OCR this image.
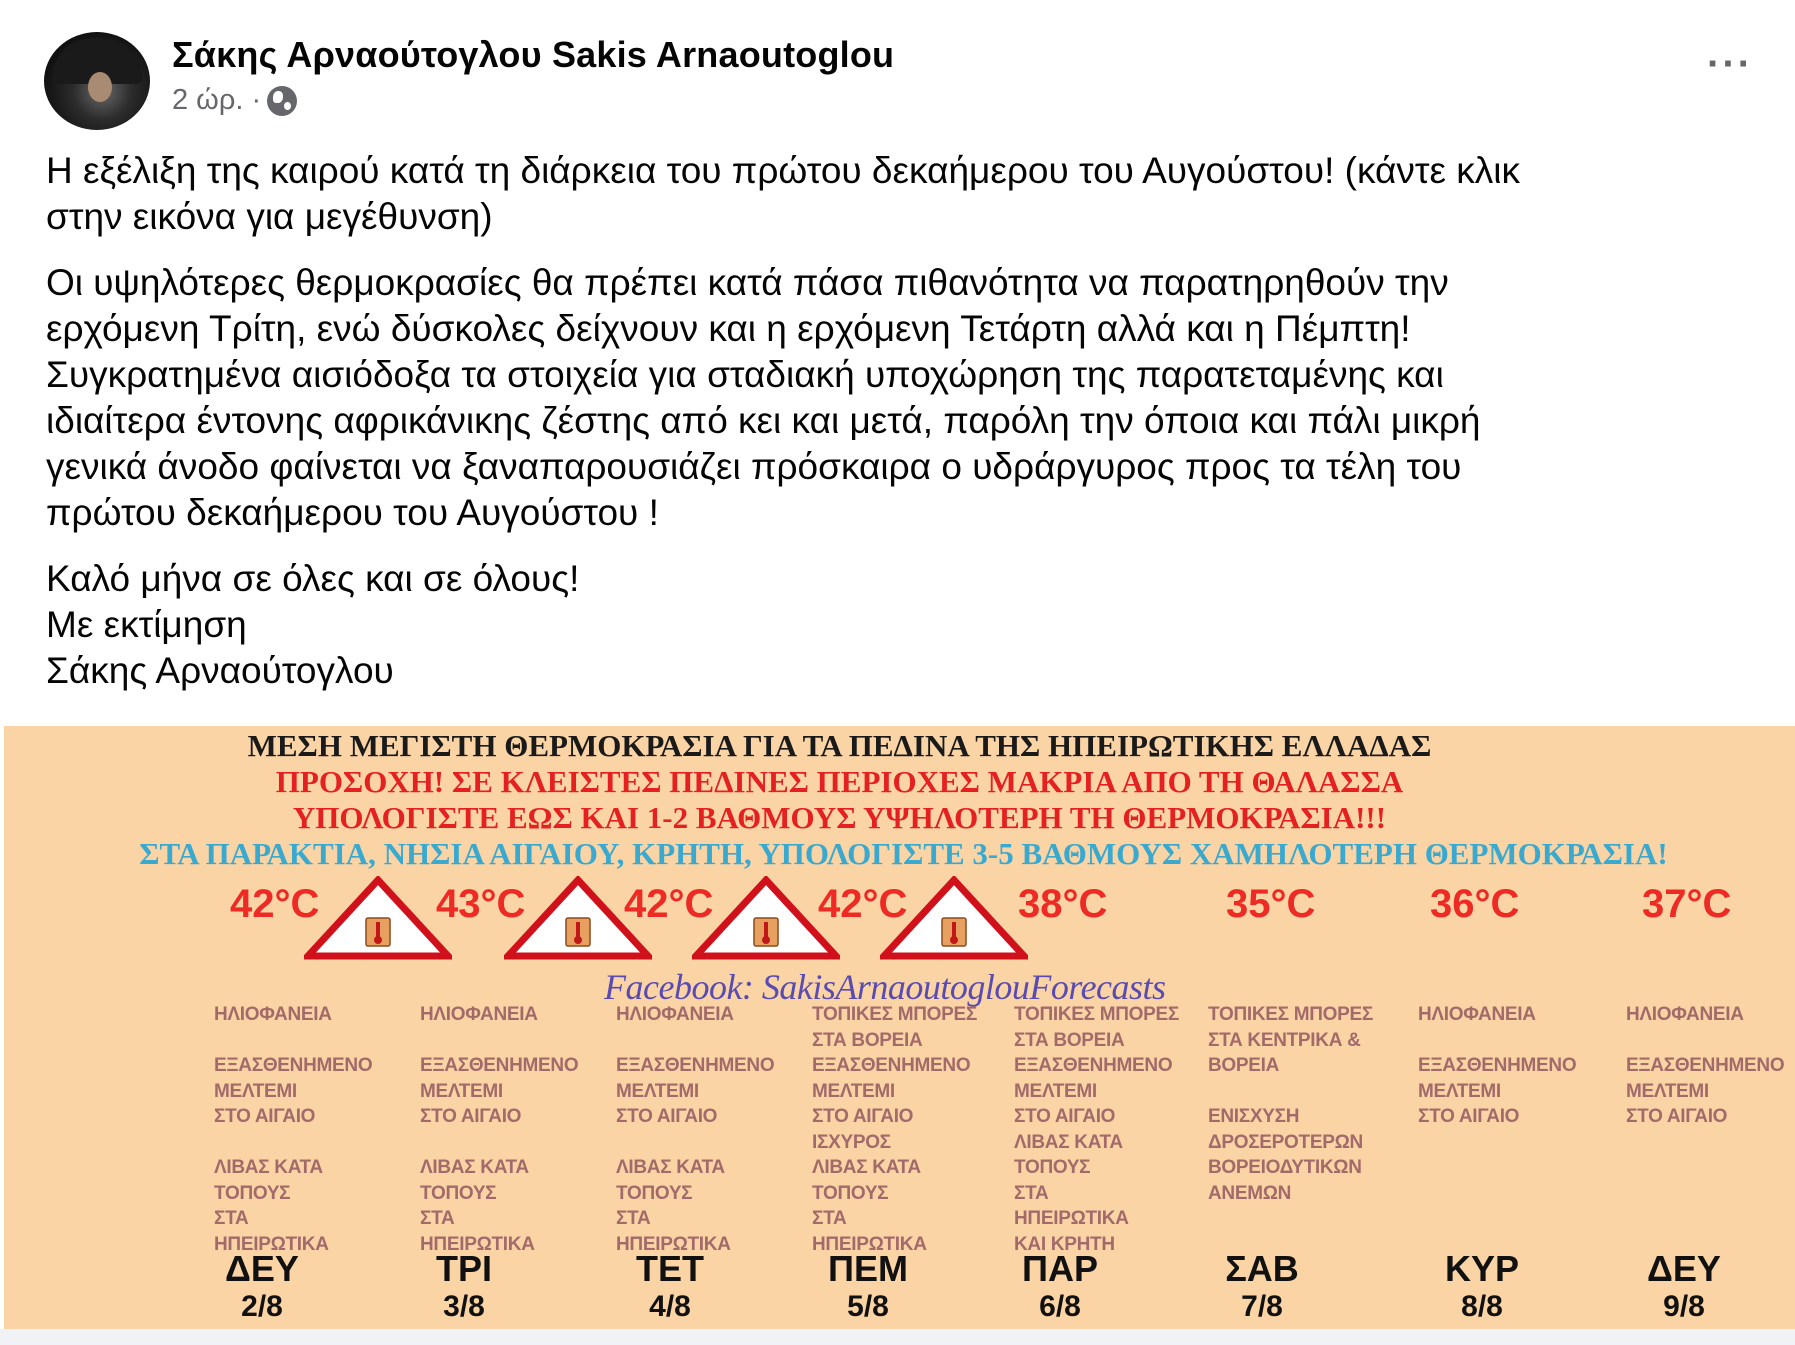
Σάκης Αρναούτογλου Sakis Arnaoutoglou
2 ώρ. ·
···

Η εξέλιξη της καιρού κατά τη διάρκεια του πρώτου δεκαήμερου του Αυγούστου! (κάντε κλικ
στην εικόνα για μεγέθυνση)

Οι υψηλότερες θερμοκρασίες θα πρέπει κατά πάσα πιθανότητα να παρατηρηθούν την
ερχόμενη Τρίτη, ενώ δύσκολες δείχνουν και η ερχόμενη Τετάρτη αλλά και η Πέμπτη!
Συγκρατημένα αισιόδοξα τα στοιχεία για σταδιακή υποχώρηση της παρατεταμένης και
ιδιαίτερα έντονης αφρικάνικης ζέστης από κει και μετά, παρόλη την όποια και πάλι μικρή
γενικά άνοδο φαίνεται να ξαναπαρουσιάζει πρόσκαιρα ο υδράργυρος προς τα τέλη του
πρώτου δεκαήμερου του Αυγούστου !

Καλό μήνα σε όλες και σε όλους!
Με εκτίμηση
Σάκης Αρναούτογλου

ΜΕΣΗ ΜΕΓΙΣΤΗ ΘΕΡΜΟΚΡΑΣΙΑ ΓΙΑ ΤΑ ΠΕΔΙΝΑ ΤΗΣ ΗΠΕΙΡΩΤΙΚΗΣ ΕΛΛΑΔΑΣ
ΠΡΟΣΟΧΗ! ΣΕ ΚΛΕΙΣΤΕΣ ΠΕΔΙΝΕΣ ΠΕΡΙΟΧΕΣ ΜΑΚΡΙΑ ΑΠΟ ΤΗ ΘΑΛΑΣΣΑ
ΥΠΟΛΟΓΙΣΤΕ ΕΩΣ ΚΑΙ 1-2 ΒΑΘΜΟΥΣ ΥΨΗΛΟΤΕΡΗ ΤΗ ΘΕΡΜΟΚΡΑΣΙΑ!!!
ΣΤΑ ΠΑΡΑΚΤΙΑ, ΝΗΣΙΑ ΑΙΓΑΙΟΥ, ΚΡΗΤΗ, ΥΠΟΛΟΓΙΣΤΕ 3-5 ΒΑΘΜΟΥΣ ΧΑΜΗΛΟΤΕΡΗ ΘΕΡΜΟΚΡΑΣΙΑ!
Facebook: SakisArnaoutoglouForecasts
42°C
ΗΛΙΟΦΑΝΕΙΑ

ΕΞΑΣΘΕΝΗΜΕΝΟ
ΜΕΛΤΕΜΙ
ΣΤΟ ΑΙΓΑΙΟ

ΛΙΒΑΣ ΚΑΤΑ
ΤΟΠΟΥΣ
ΣΤΑ
ΗΠΕΙΡΩΤΙΚΑ
ΔΕΥ
2/8
43°C
ΗΛΙΟΦΑΝΕΙΑ

ΕΞΑΣΘΕΝΗΜΕΝΟ
ΜΕΛΤΕΜΙ
ΣΤΟ ΑΙΓΑΙΟ

ΛΙΒΑΣ ΚΑΤΑ
ΤΟΠΟΥΣ
ΣΤΑ
ΗΠΕΙΡΩΤΙΚΑ
ΤΡΙ
3/8
42°C
ΗΛΙΟΦΑΝΕΙΑ

ΕΞΑΣΘΕΝΗΜΕΝΟ
ΜΕΛΤΕΜΙ
ΣΤΟ ΑΙΓΑΙΟ

ΛΙΒΑΣ ΚΑΤΑ
ΤΟΠΟΥΣ
ΣΤΑ
ΗΠΕΙΡΩΤΙΚΑ
ΤΕΤ
4/8
42°C
ΤΟΠΙΚΕΣ ΜΠΟΡΕΣ
ΣΤΑ ΒΟΡΕΙΑ
ΕΞΑΣΘΕΝΗΜΕΝΟ
ΜΕΛΤΕΜΙ
ΣΤΟ ΑΙΓΑΙΟ
ΙΣΧΥΡΟΣ
ΛΙΒΑΣ ΚΑΤΑ
ΤΟΠΟΥΣ
ΣΤΑ
ΗΠΕΙΡΩΤΙΚΑ
ΠΕΜ
5/8
38°C
ΤΟΠΙΚΕΣ ΜΠΟΡΕΣ
ΣΤΑ ΒΟΡΕΙΑ
ΕΞΑΣΘΕΝΗΜΕΝΟ
ΜΕΛΤΕΜΙ
ΣΤΟ ΑΙΓΑΙΟ
ΛΙΒΑΣ ΚΑΤΑ
ΤΟΠΟΥΣ
ΣΤΑ
ΗΠΕΙΡΩΤΙΚΑ
ΚΑΙ ΚΡΗΤΗ
ΠΑΡ
6/8
35°C
ΤΟΠΙΚΕΣ ΜΠΟΡΕΣ
ΣΤΑ ΚΕΝΤΡΙΚΑ &
ΒΟΡΕΙΑ

ΕΝΙΣΧΥΣΗ
ΔΡΟΣΕΡΟΤΕΡΩΝ
ΒΟΡΕΙΟΔΥΤΙΚΩΝ
ΑΝΕΜΩΝ
ΣΑΒ
7/8
36°C
ΗΛΙΟΦΑΝΕΙΑ

ΕΞΑΣΘΕΝΗΜΕΝΟ
ΜΕΛΤΕΜΙ
ΣΤΟ ΑΙΓΑΙΟ
ΚΥΡ
8/8
37°C
ΗΛΙΟΦΑΝΕΙΑ

ΕΞΑΣΘΕΝΗΜΕΝΟ
ΜΕΛΤΕΜΙ
ΣΤΟ ΑΙΓΑΙΟ
ΔΕΥ
9/8
